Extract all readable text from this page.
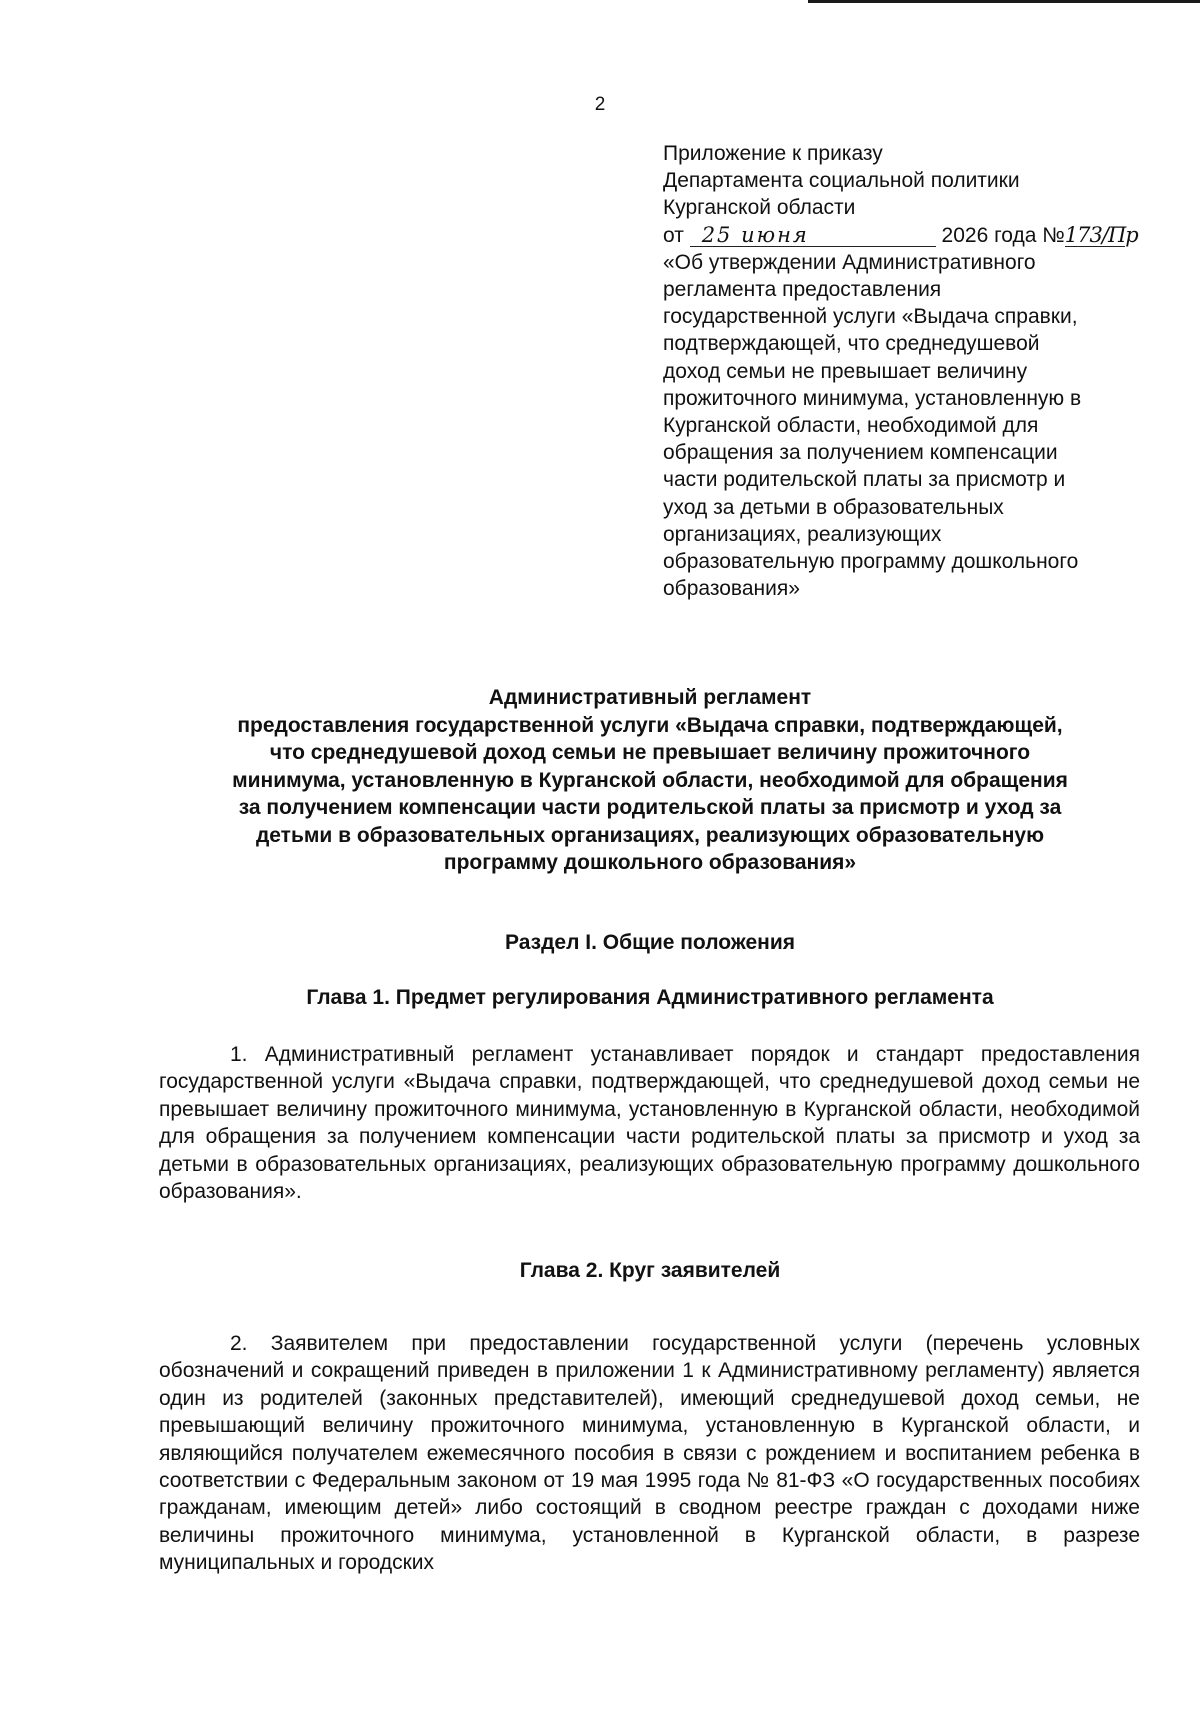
2
Приложение к приказу
Департамента социальной политики
Курганской области
от 25 июня	2026 года №173/Пр
«Об утверждении Административного
регламента предоставления
государственной услуги «Выдача справки,
подтверждающей, что среднедушевой
доход семьи не превышает величину
прожиточного минимума, установленную в
Курганской области, необходимой для
обращения за получением компенсации
части родительской платы за присмотр и
уход за детьми в образовательных
организациях, реализующих
образовательную программу дошкольного
образования»
Административный регламент
предоставления государственной услуги «Выдача справки, подтверждающей,
что среднедушевой доход семьи не превышает величину прожиточного
минимума, установленную в Курганской области, необходимой для обращения
за получением компенсации части родительской платы за присмотр и уход за
детьми в образовательных организациях, реализующих образовательную
программу дошкольного образования»
Раздел I. Общие положения
Глава 1. Предмет регулирования Административного регламента

1. Административный регламент устанавливает порядок и стандарт предоставления государственной услуги «Выдача справки, подтверждающей, что среднедушевой доход семьи не превышает величину прожиточного минимума, установленную в Курганской области, необходимой для обращения за получением компенсации части родительской платы за присмотр и уход за детьми в образовательных организациях, реализующих образовательную программу дошкольного образования».

Глава 2. Круг заявителей

2. Заявителем при предоставлении государственной услуги (перечень условных обозначений и сокращений приведен в приложении 1 к Административному регламенту) является один из родителей (законных представителей), имеющий среднедушевой доход семьи, не превышающий величину прожиточного минимума, установленную в Курганской области, и являющийся получателем ежемесячного пособия в связи с рождением и воспитанием ребенка в соответствии с Федеральным законом от 19 мая 1995 года № 81-ФЗ «О государственных пособиях гражданам, имеющим детей» либо состоящий в сводном реестре граждан с доходами ниже величины прожиточного минимума, установленной в Курганской области, в разрезе муниципальных и городских
